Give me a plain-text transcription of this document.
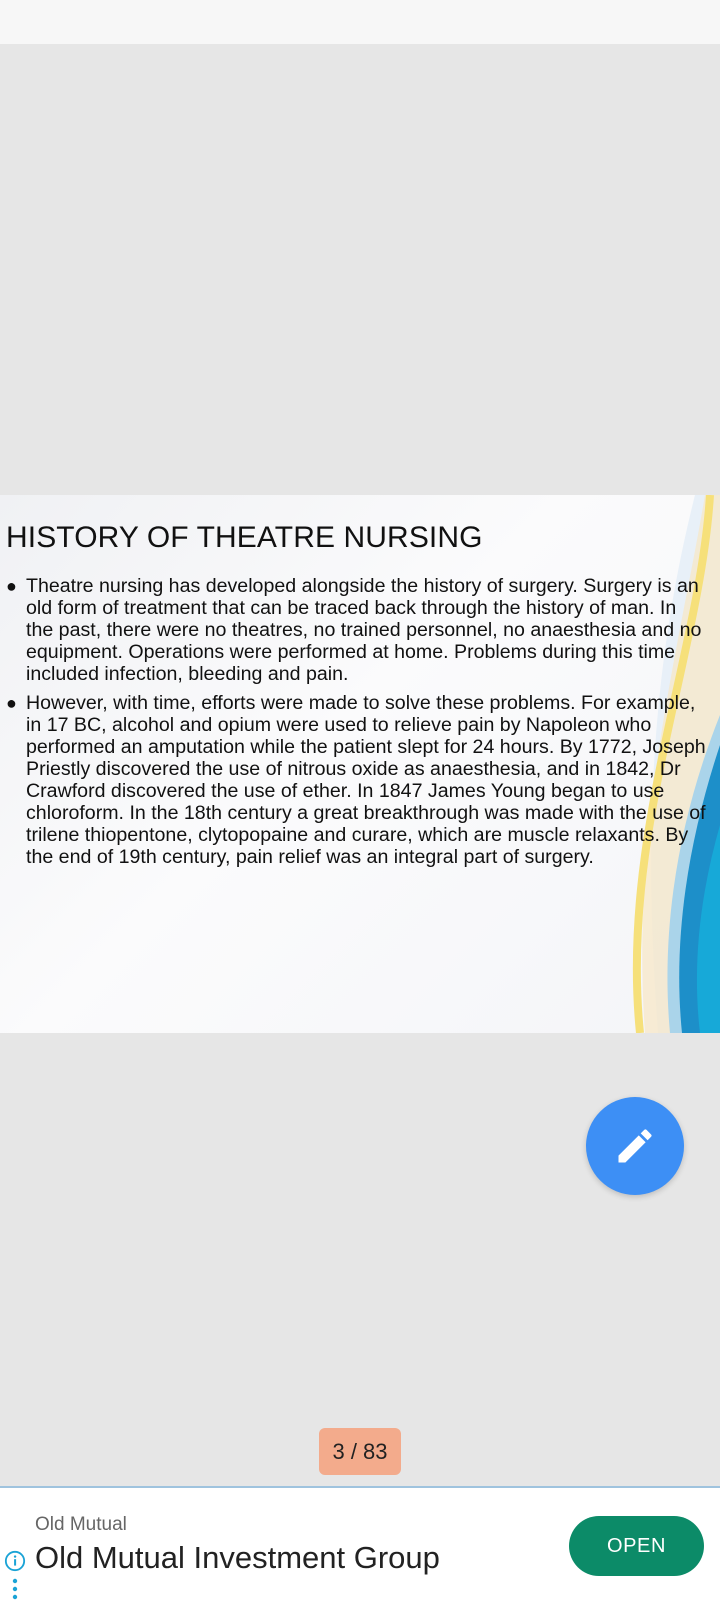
HISTORY OF THEATRE NURSING
● Theatre nursing has developed alongside the history of surgery. Surgery is an old form of treatment that can be traced back through the history of man. In the past, there were no theatres, no trained personnel, no anaesthesia and no equipment. Operations were performed at home. Problems during this time included infection, bleeding and pain.
● However, with time, efforts were made to solve these problems. For example, in 17 BC, alcohol and opium were used to relieve pain by Napoleon who performed an amputation while the patient slept for 24 hours. By 1772, Joseph Priestly discovered the use of nitrous oxide as anaesthesia, and in 1842, Dr Crawford discovered the use of ether. In 1847 James Young began to use chloroform. In the 18th century a great breakthrough was made with the use of trilene thiopentone, clytopopaine and curare, which are muscle relaxants. By the end of 19th century, pain relief was an integral part of surgery.
3 / 83
Old Mutual
Old Mutual Investment Group	OPEN
